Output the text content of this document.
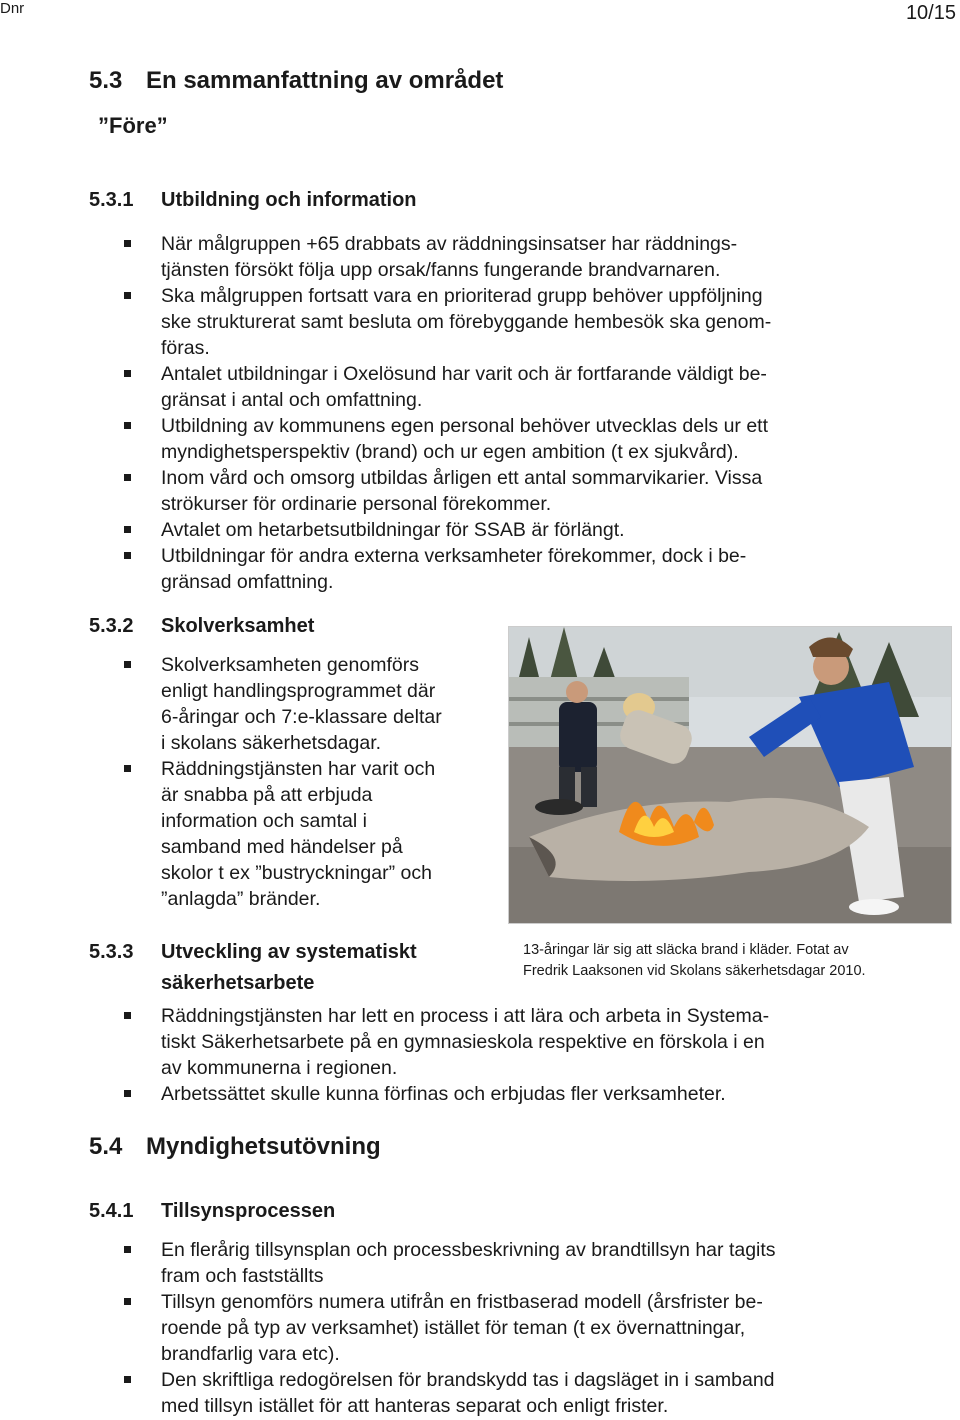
Dnr	10/15
5.3 En sammanfattning av området
”Före”
5.3.1 Utbildning och information
När målgruppen +65 drabbats av räddningsinsatser har räddnings-
tjänsten försökt följa upp orsak/fanns fungerande brandvarnaren.
Ska målgruppen fortsatt vara en prioriterad grupp behöver uppföljning
ske strukturerat samt besluta om förebyggande hembesök ska genom-
föras.
Antalet utbildningar i Oxelösund har varit och är fortfarande väldigt be-
gränsat i antal och omfattning.
Utbildning av kommunens egen personal behöver utvecklas dels ur ett
myndighetsperspektiv (brand) och ur egen ambition (t ex sjukvård).
Inom vård och omsorg utbildas årligen ett antal sommarvikarier. Vissa
strökurser för ordinarie personal förekommer.
Avtalet om hetarbetsutbildningar för SSAB är förlängt.
Utbildningar för andra externa verksamheter förekommer, dock i be-
gränsad omfattning.
5.3.2 Skolverksamhet
Skolverksamheten genomförs
enligt handlingsprogrammet där
6-åringar och 7:e-klassare deltar
i skolans säkerhetsdagar.
Räddningstjänsten har varit och
är snabba på att erbjuda
information och samtal i
samband med händelser på
skolor t ex ”bustryckningar” och
”anlagda” bränder.
13-åringar lär sig att släcka brand i kläder. Fotat av
Fredrik Laaksonen vid Skolans säkerhetsdagar 2010.
5.3.3 Utveckling av systematiskt
säkerhetsarbete
Räddningstjänsten har lett en process i att lära och arbeta in Systema-
tiskt Säkerhetsarbete på en gymnasieskola respektive en förskola i en
av kommunerna i regionen.
Arbetssättet skulle kunna förfinas och erbjudas fler verksamheter.
5.4 Myndighetsutövning
5.4.1 Tillsynsprocessen
En flerårig tillsynsplan och processbeskrivning av brandtillsyn har tagits
fram och fastställts
Tillsyn genomförs numera utifrån en fristbaserad modell (årsfrister be-
roende på typ av verksamhet) istället för teman (t ex övernattningar,
brandfarlig vara etc).
Den skriftliga redogörelsen för brandskydd tas i dagsläget in i samband
med tillsyn istället för att hanteras separat och enligt frister.
